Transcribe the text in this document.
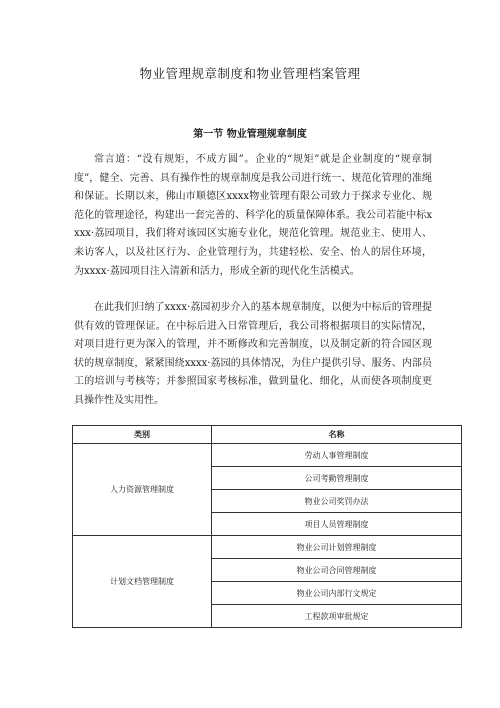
物业管理规章制度和物业管理档案管理
第一节 物业管理规章制度

常言道：“没有规矩，不成方圆”。企业的“规矩”就是企业制度的“规章制度”，健全、完善、具有操作性的规章制度是我公司进行统一、规范化管理的准绳和保证。长期以来，佛山市顺德区xxxx物业管理有限公司致力于探求专业化、规范化的管理途径，构建出一套完善的、科学化的质量保障体系。我公司若能中标xxxx·荔园项目，我们将对该园区实施专业化，规范化管理。规范业主、使用人、来访客人，以及社区行为、企业管理行为，共建轻松、安全、怡人的居住环境，为xxxx·荔园项目注入清新和活力，形成全新的现代化生活模式。

在此我们归纳了xxxx·荔园初步介入的基本规章制度，以便为中标后的管理提供有效的管理保证。在中标后进入日常管理后，我公司将根据项目的实际情况，对项目进行更为深入的管理，并不断修改和完善制度，以及制定新的符合园区现状的规章制度，紧紧围绕xxxx·荔园的具体情况，为住户提供引导、服务、内部员工的培训与考核等；并参照国家考核标准，做到量化、细化，从而使各项制度更具操作性及实用性。

类别	名称
人力资源管理制度	劳动人事管理制度
	公司考勤管理制度
	物业公司奖罚办法
	项目人员管理制度
计划文档管理制度	物业公司计划管理制度
	物业公司合同管理制度
	物业公司内部行文规定
	工程款项审批规定
